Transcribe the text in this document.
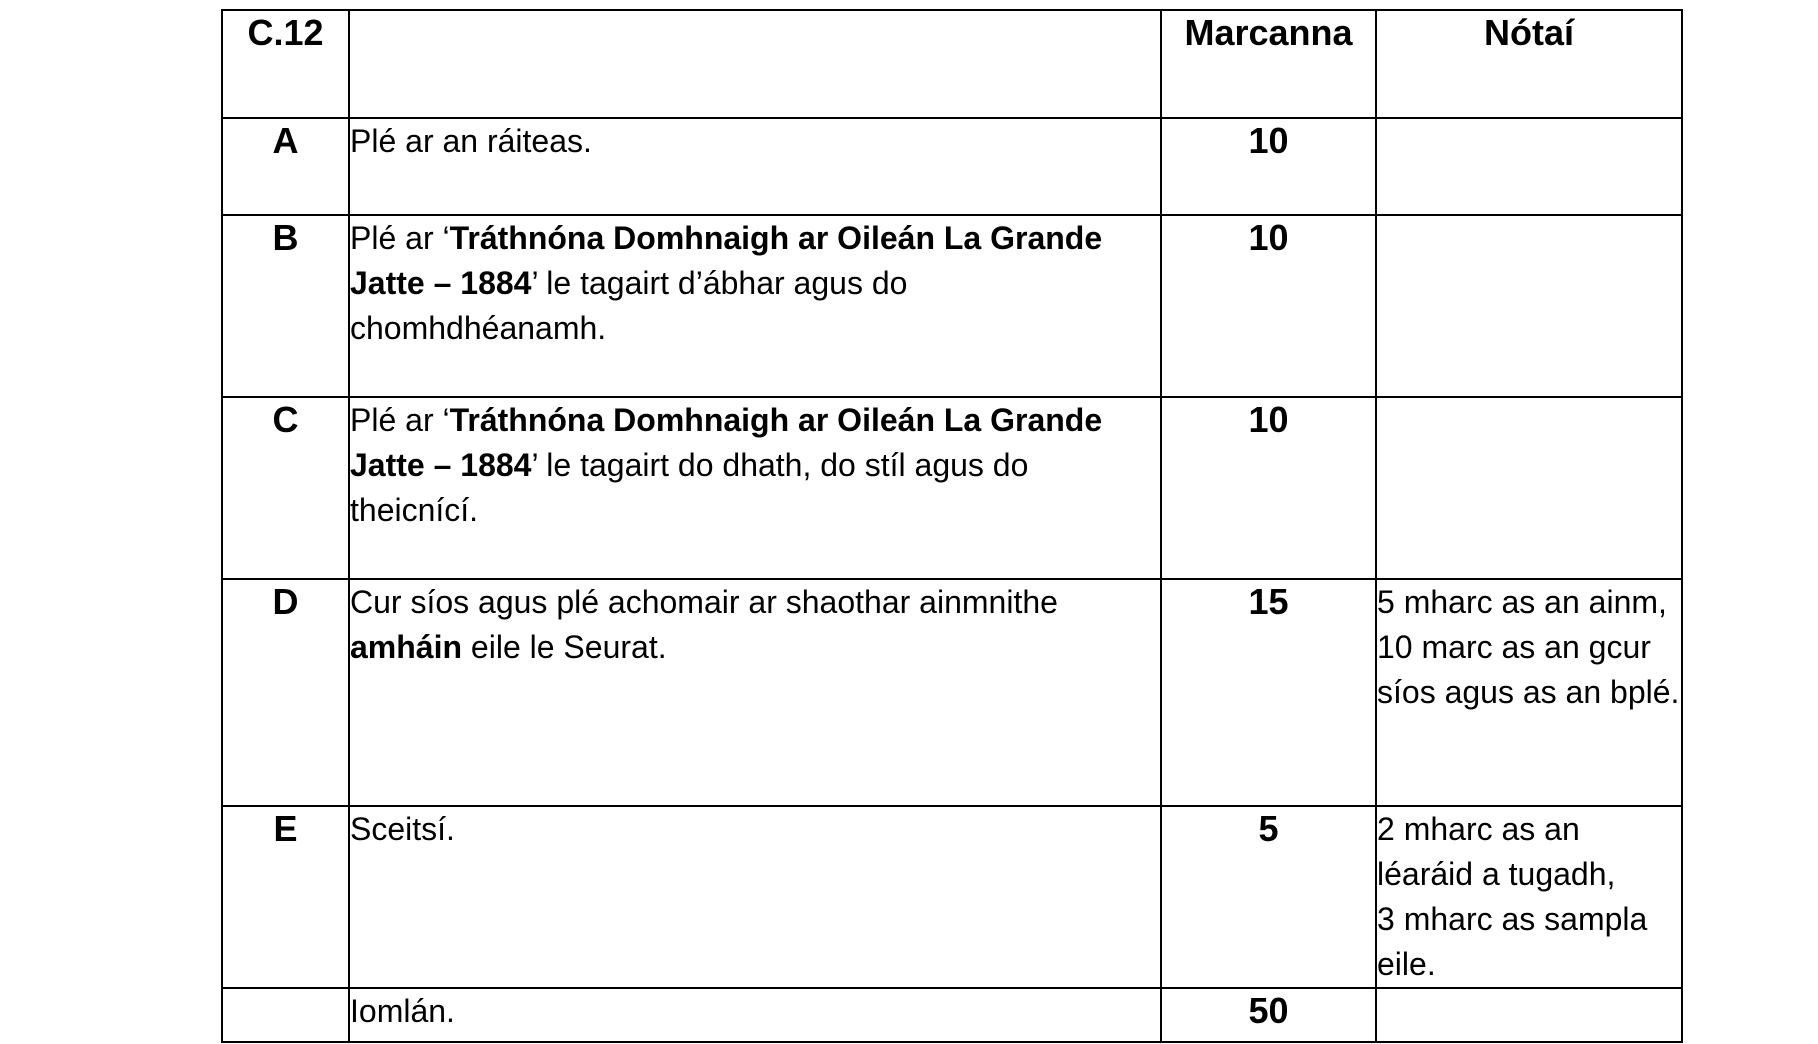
C.12		Marcanna	Nótaí
A	Plé ar an ráiteas.	10	
B	Plé ar ‘Tráthnóna Domhnaigh ar Oileán La Grande Jatte – 1884’ le tagairt d’ábhar agus do chomhdhéanamh.	10	
C	Plé ar ‘Tráthnóna Domhnaigh ar Oileán La Grande Jatte – 1884’ le tagairt do dhath, do stíl agus do theicnící.	10	
D	Cur síos agus plé achomair ar shaothar ainmnithe amháin eile le Seurat.	15	5 mharc as an ainm,
10 marc as an gcur síos agus as an bplé.

E	Sceitsí.	5	2 mharc as an léaráid a tugadh,
3 mharc as sampla eile.

	Iomlán.	50	
